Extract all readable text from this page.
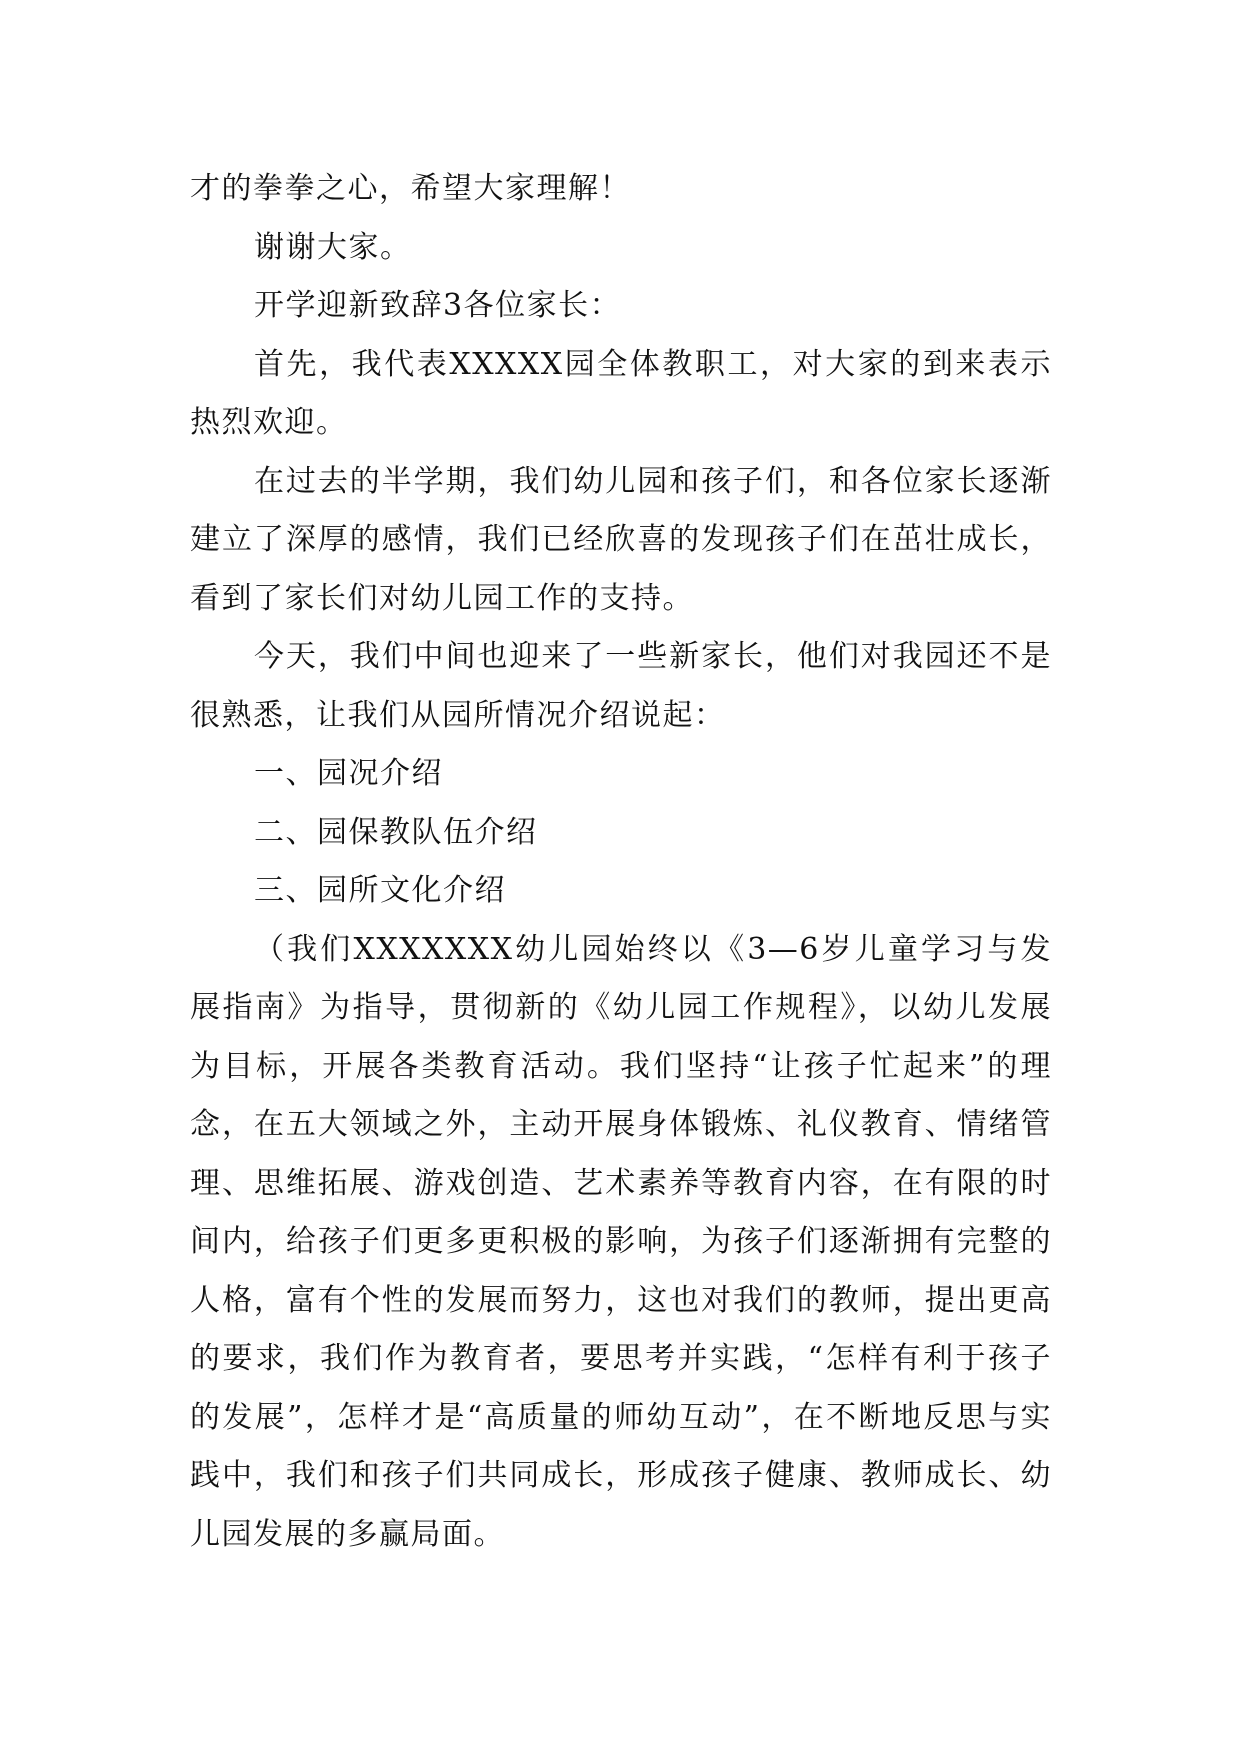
才的拳拳之心，希望大家理解！

谢谢大家。

开学迎新致辞3各位家长：

首先，我代表XXXXX园全体教职工，对大家的到来表示热烈欢迎。

在过去的半学期，我们幼儿园和孩子们，和各位家长逐渐建立了深厚的感情，我们已经欣喜的发现孩子们在茁壮成长，看到了家长们对幼儿园工作的支持。

今天，我们中间也迎来了一些新家长，他们对我园还不是很熟悉，让我们从园所情况介绍说起：

一、园况介绍

二、园保教队伍介绍

三、园所文化介绍

（我们XXXXXXX幼儿园始终以《3—6岁儿童学习与发展指南》为指导，贯彻新的《幼儿园工作规程》，以幼儿发展为目标，开展各类教育活动。我们坚持“让孩子忙起来”的理念，在五大领域之外，主动开展身体锻炼、礼仪教育、情绪管理、思维拓展、游戏创造、艺术素养等教育内容，在有限的时间内，给孩子们更多更积极的影响，为孩子们逐渐拥有完整的人格，富有个性的发展而努力，这也对我们的教师，提出更高的要求，我们作为教育者，要思考并实践，“怎样有利于孩子的发展”，怎样才是“高质量的师幼互动”，在不断地反思与实践中，我们和孩子们共同成长，形成孩子健康、教师成长、幼儿园发展的多赢局面。
